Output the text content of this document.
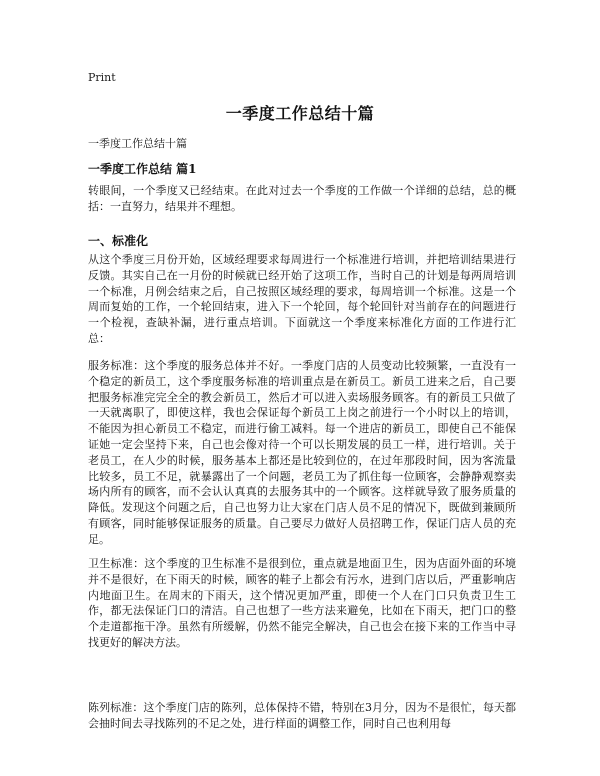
Print
一季度工作总结十篇
一季度工作总结十篇
一季度工作总结 篇1

转眼间，一个季度又已经结束。在此对过去一个季度的工作做一个详细的总结，总的概括：一直努力，结果并不理想。

一、标准化

从这个季度三月份开始，区域经理要求每周进行一个标准进行培训，并把培训结果进行反馈。其实自己在一月份的时候就已经开始了这项工作，当时自己的计划是每两周培训一个标准，月例会结束之后，自己按照区域经理的要求，每周培训一个标准。这是一个周而复始的工作，一个轮回结束，进入下一个轮回，每个轮回针对当前存在的问题进行一个检视，查缺补漏，进行重点培训。下面就这一个季度来标准化方面的工作进行汇总：

服务标准：这个季度的服务总体并不好。一季度门店的人员变动比较频繁，一直没有一个稳定的新员工，这个季度服务标准的培训重点是在新员工。新员工进来之后，自己要把服务标准完完全全的教会新员工，然后才可以进入卖场服务顾客。有的新员工只做了一天就离职了，即使这样，我也会保证每个新员工上岗之前进行一个小时以上的培训，不能因为担心新员工不稳定，而进行偷工减料。每一个进店的新员工，即使自己不能保证她一定会坚持下来，自己也会像对待一个可以长期发展的员工一样，进行培训。关于老员工，在人少的时候，服务基本上都还是比较到位的，在过年那段时间，因为客流量比较多，员工不足，就暴露出了一个问题，老员工为了抓住每一位顾客，会静静观察卖场内所有的顾客，而不会认认真真的去服务其中的一个顾客。这样就导致了服务质量的 降低。发现这个问题之后，自己也努力让大家在门店人员不足的情况下，既做到兼顾所有顾客，同时能够保证服务的质量。自己要尽力做好人员招聘工作，保证门店人员的充足。

卫生标准：这个季度的卫生标准不是很到位，重点就是地面卫生，因为店面外面的环境并不是很好，在下雨天的时候，顾客的鞋子上都会有污水，进到门店以后，严重影响店内地面卫生。在周末的下雨天，这个情况更加严重，即使一个人在门口只负责卫生工作，都无法保证门口的清洁。自己也想了一些方法来避免，比如在下雨天，把门口的整个走道都拖干净。虽然有所缓解，仍然不能完全解决，自己也会在接下来的工作当中寻找更好的解决方法。

陈列标准：这个季度门店的陈列，总体保持不错，特别在3月分，因为不是很忙，每天都会抽时间去寻找陈列的不足之处，进行样面的调整工作，同时自己也利用每
